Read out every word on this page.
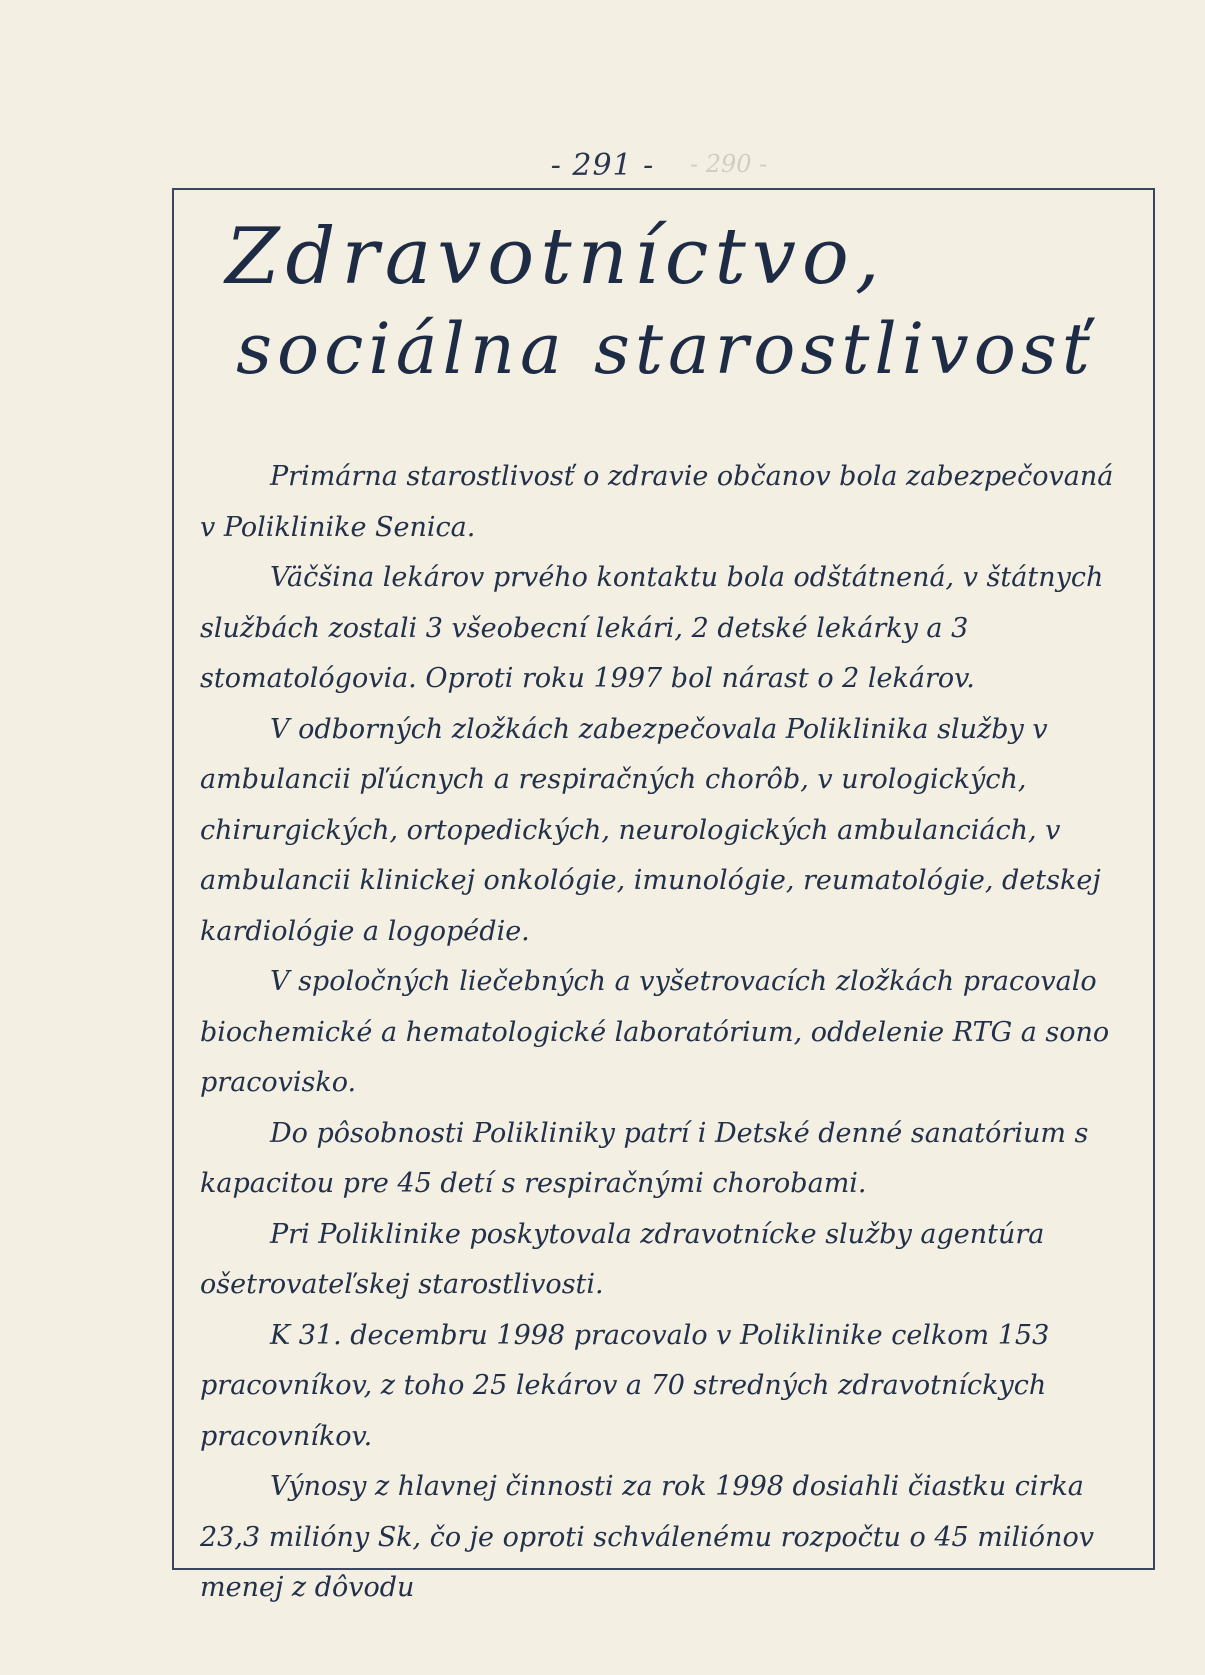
- 291 -	- 290 -
Zdravotníctvo,
sociálna starostlivosť

Primárna starostlivosť o zdravie občanov bola zabezpečovaná v Poliklinike Senica.

Väčšina lekárov prvého kontaktu bola odštátnená, v štátnych službách zostali 3 všeobecní lekári, 2 detské lekárky a 3 stomatológovia. Oproti roku 1997 bol nárast o 2 lekárov.

V odborných zložkách zabezpečovala Poliklinika služby v ambulancii pľúcnych a respiračných chorôb, v urologických, chirurgických, ortopedických, neurologických ambulanciách, v ambulancii klinickej onkológie, imunológie, reumatológie, detskej kardiológie a logopédie.

V spoločných liečebných a vyšetrovacích zložkách pracovalo biochemické a hematologické laboratórium, oddelenie RTG a sono pracovisko.

Do pôsobnosti Polikliniky patrí i Detské denné sanatórium s kapacitou pre 45 detí s respiračnými chorobami.

Pri Poliklinike poskytovala zdravotnícke služby agentúra ošetrovateľskej starostlivosti.

K 31. decembru 1998 pracovalo v Poliklinike celkom 153 pracovníkov, z toho 25 lekárov a 70 stredných zdravotníckych pracovníkov.

Výnosy z hlavnej činnosti za rok 1998 dosiahli čiastku cirka 23,3 milióny Sk, čo je oproti schválenému rozpočtu o 45 miliónov menej z dôvodu
